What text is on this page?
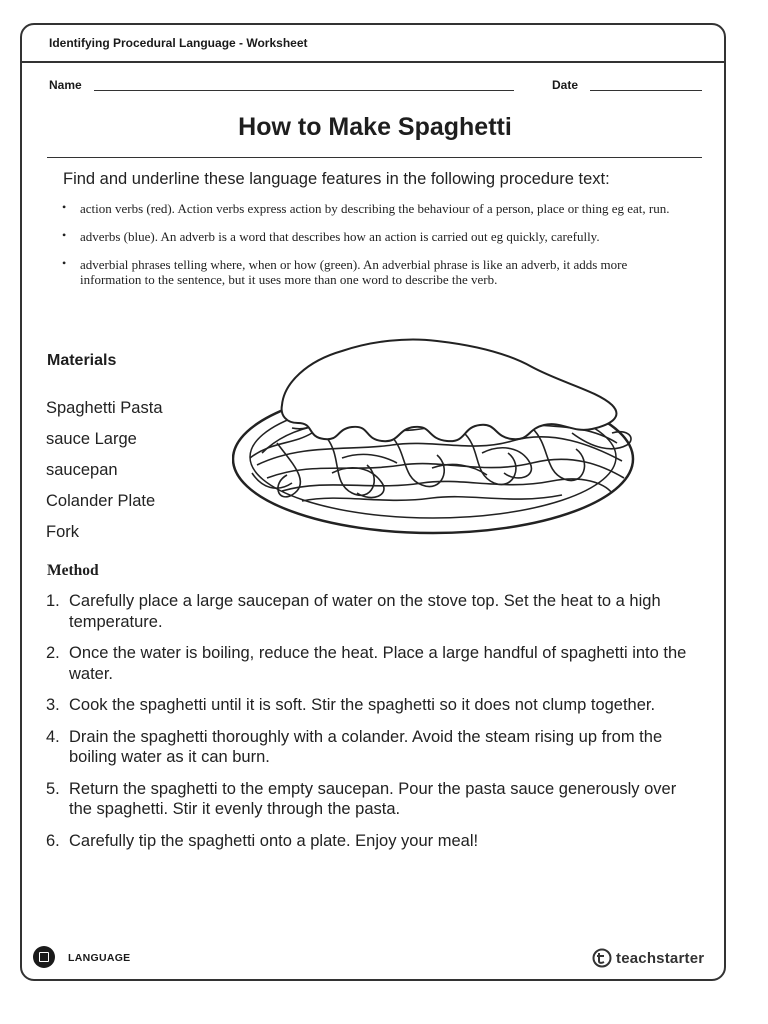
Identifying Procedural Language - Worksheet
Name	Date
How to Make Spaghetti
Find and underline these language features in the following procedure text:
• action verbs (red). Action verbs express action by describing the behaviour of a person, place or thing eg eat, run.
• adverbs (blue). An adverb is a word that describes how an action is carried out eg quickly, carefully.
• adverbial phrases telling where, when or how (green). An adverbial phrase is like an adverb, it adds more information to the sentence, but it uses more than one word to describe the verb.
Materials
Spaghetti Pasta
sauce Large
saucepan
Colander Plate
Fork
Method
1. Carefully place a large saucepan of water on the stove top. Set the heat to a high temperature.
2. Once the water is boiling, reduce the heat. Place a large handful of spaghetti into the water.
3. Cook the spaghetti until it is soft. Stir the spaghetti so it does not clump together.
4. Drain the spaghetti thoroughly with a colander. Avoid the steam rising up from the boiling water as it can burn.
5. Return the spaghetti to the empty saucepan. Pour the pasta sauce generously over the spaghetti. Stir it evenly through the pasta.
6. Carefully tip the spaghetti onto a plate. Enjoy your meal!
LANGUAGE	teachstarter
